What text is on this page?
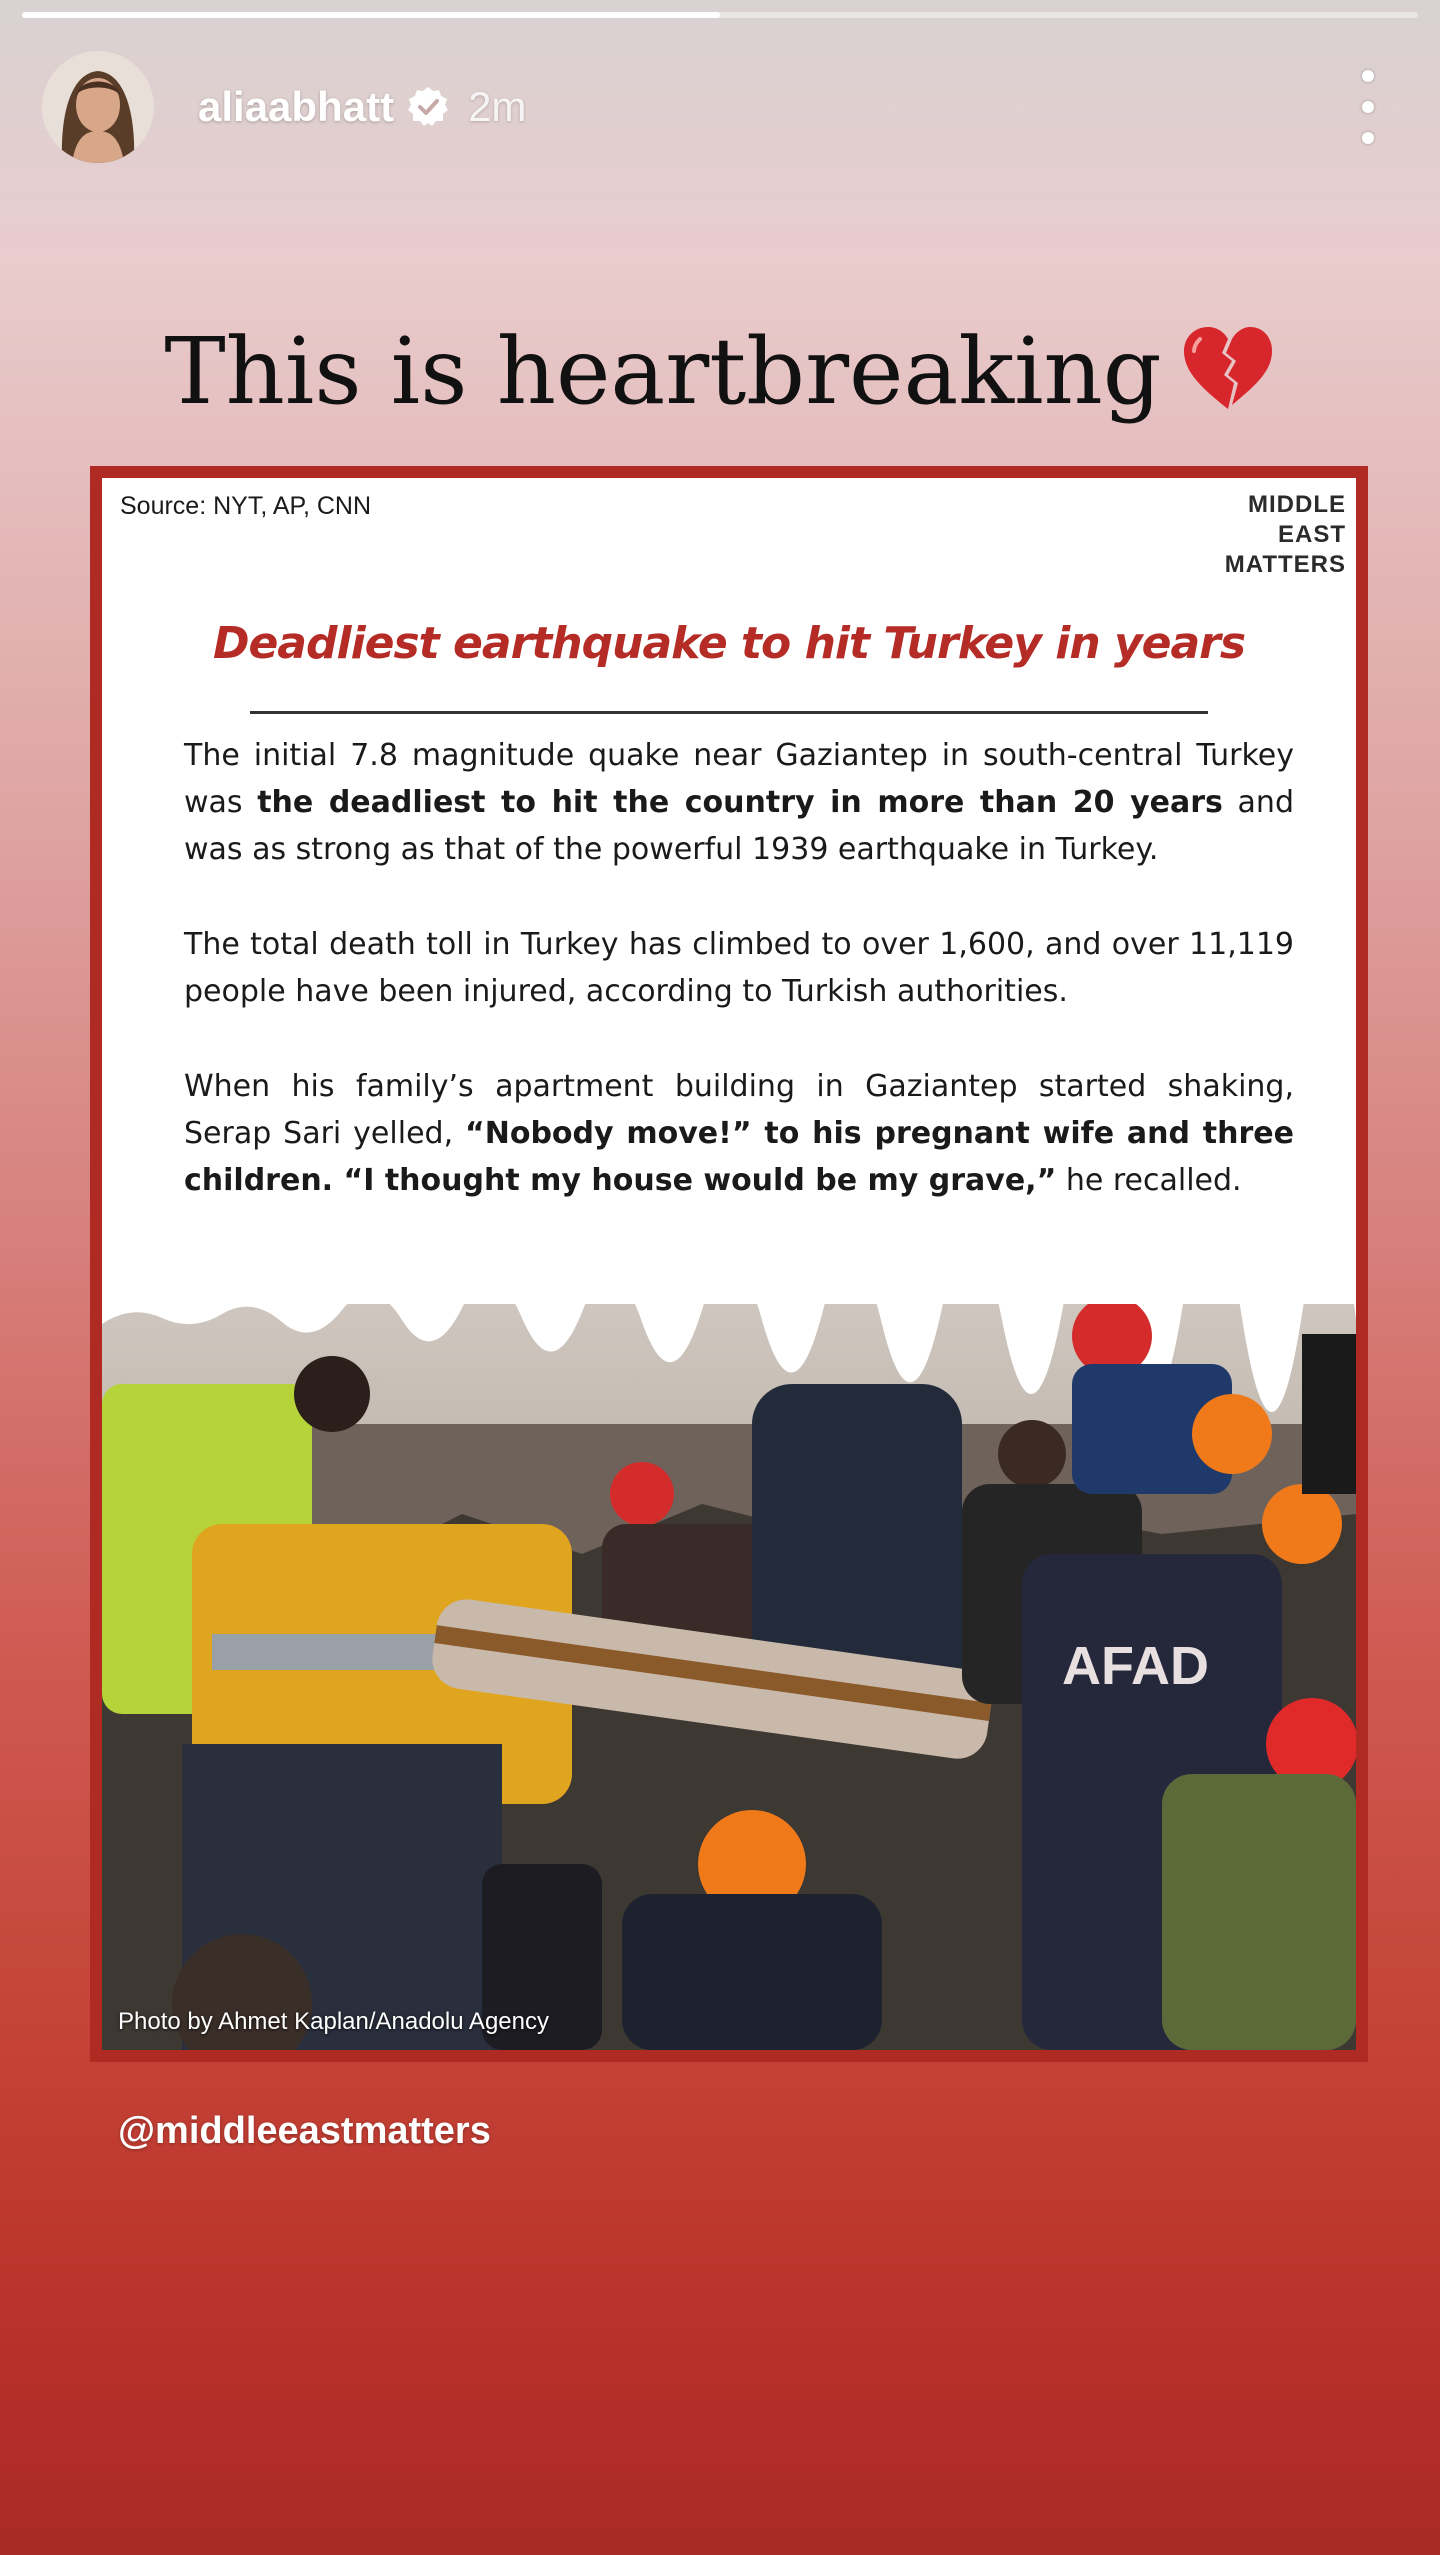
aliaabhatt 2m
This is heartbreaking
Source: NYT, AP, CNN	MIDDLE
EAST
MATTERS
Deadliest earthquake to hit Turkey in years

The initial 7.8 magnitude quake near Gaziantep in south-central Turkey was the deadliest to hit the country in more than 20 years and was as strong as that of the powerful 1939 earthquake in Turkey.

The total death toll in Turkey has climbed to over 1,600, and over 11,119 people have been injured, according to Turkish authorities.

When his family’s apartment building in Gaziantep started shaking, Serap Sari yelled, “Nobody move!” to his pregnant wife and three children. “I thought my house would be my grave,” he recalled.

AFAD
Photo by Ahmet Kaplan/Anadolu Agency
@middleeastmatters
